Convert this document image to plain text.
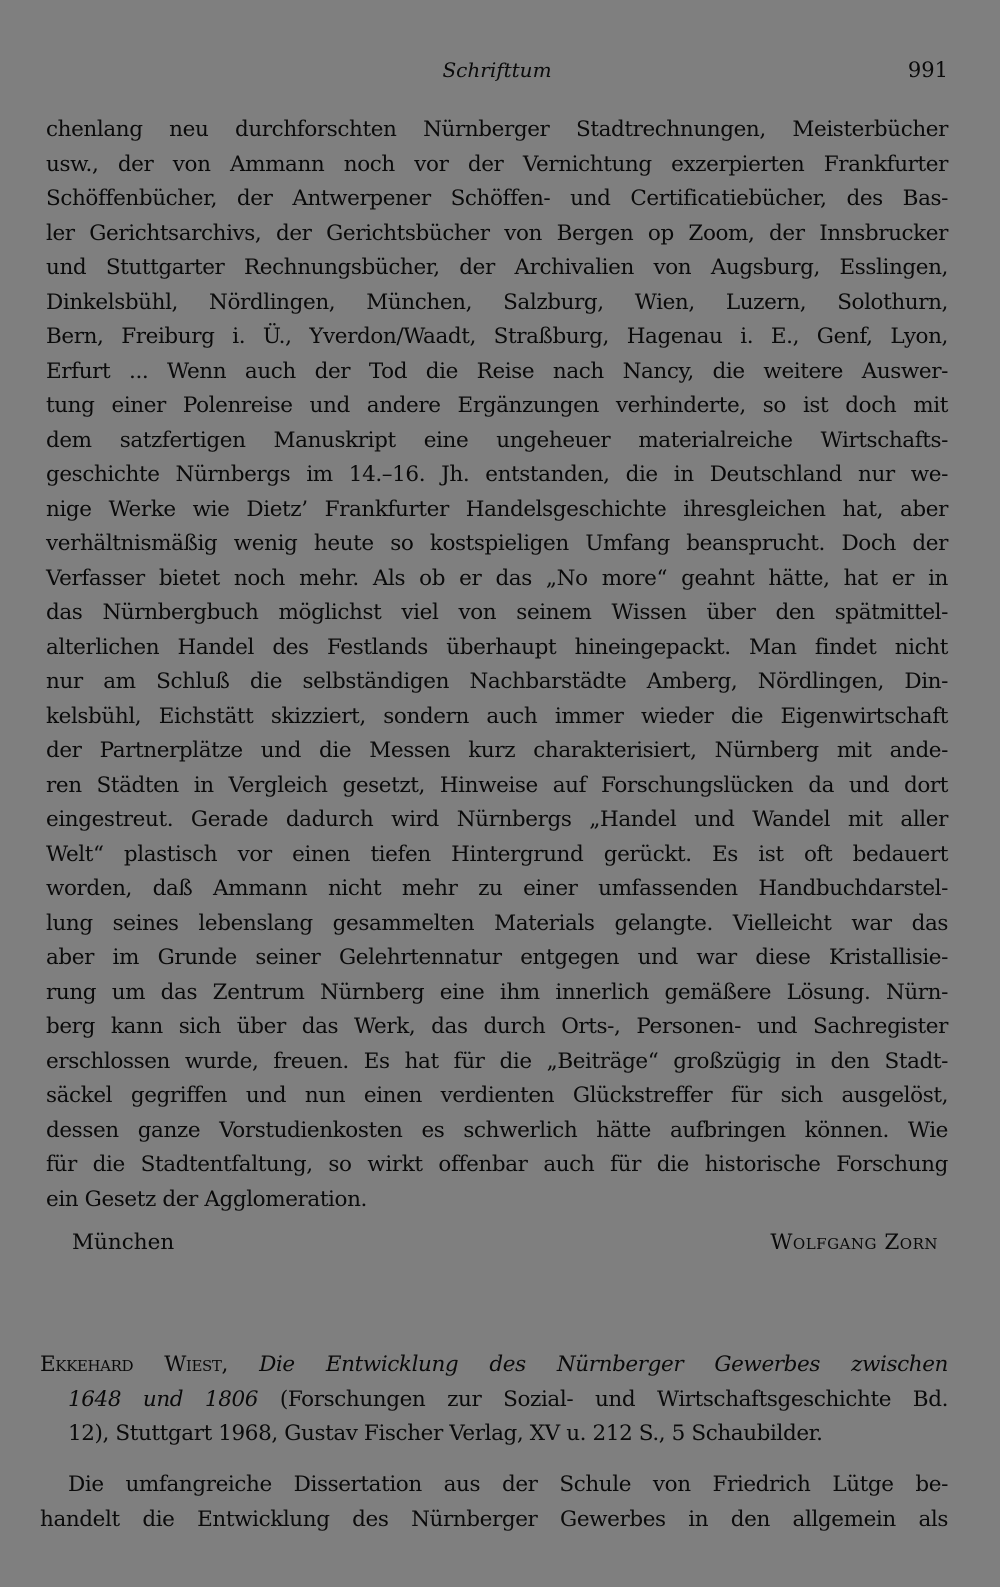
Schrifttum	991
chenlang neu durchforschten Nürnberger Stadtrechnungen, Meisterbücher
usw., der von Ammann noch vor der Vernichtung exzerpierten Frankfurter
Schöffenbücher, der Antwerpener Schöffen- und Certificatiebücher, des Bas-
ler Gerichtsarchivs, der Gerichtsbücher von Bergen op Zoom, der Innsbrucker
und Stuttgarter Rechnungsbücher, der Archivalien von Augsburg, Esslingen,
Dinkelsbühl, Nördlingen, München, Salzburg, Wien, Luzern, Solothurn,
Bern, Freiburg i. Ü., Yverdon/Waadt, Straßburg, Hagenau i. E., Genf, Lyon,
Erfurt ... Wenn auch der Tod die Reise nach Nancy, die weitere Auswer-
tung einer Polenreise und andere Ergänzungen verhinderte, so ist doch mit
dem satzfertigen Manuskript eine ungeheuer materialreiche Wirtschafts-
geschichte Nürnbergs im 14.–16. Jh. entstanden, die in Deutschland nur we-
nige Werke wie Dietz’ Frankfurter Handelsgeschichte ihresgleichen hat, aber
verhältnismäßig wenig heute so kostspieligen Umfang beansprucht. Doch der
Verfasser bietet noch mehr. Als ob er das „No more“ geahnt hätte, hat er in
das Nürnbergbuch möglichst viel von seinem Wissen über den spätmittel-
alterlichen Handel des Festlands überhaupt hineingepackt. Man findet nicht
nur am Schluß die selbständigen Nachbarstädte Amberg, Nördlingen, Din-
kelsbühl, Eichstätt skizziert, sondern auch immer wieder die Eigenwirtschaft
der Partnerplätze und die Messen kurz charakterisiert, Nürnberg mit ande-
ren Städten in Vergleich gesetzt, Hinweise auf Forschungslücken da und dort
eingestreut. Gerade dadurch wird Nürnbergs „Handel und Wandel mit aller
Welt“ plastisch vor einen tiefen Hintergrund gerückt. Es ist oft bedauert
worden, daß Ammann nicht mehr zu einer umfassenden Handbuchdarstel-
lung seines lebenslang gesammelten Materials gelangte. Vielleicht war das
aber im Grunde seiner Gelehrtennatur entgegen und war diese Kristallisie-
rung um das Zentrum Nürnberg eine ihm innerlich gemäßere Lösung. Nürn-
berg kann sich über das Werk, das durch Orts-, Personen- und Sachregister
erschlossen wurde, freuen. Es hat für die „Beiträge“ großzügig in den Stadt-
säckel gegriffen und nun einen verdienten Glückstreffer für sich ausgelöst,
dessen ganze Vorstudienkosten es schwerlich hätte aufbringen können. Wie
für die Stadtentfaltung, so wirkt offenbar auch für die historische Forschung
ein Gesetz der Agglomeration.
München	Wolfgang Zorn
Ekkehard Wiest, Die Entwicklung des Nürnberger Gewerbes zwischen
1648 und 1806 (Forschungen zur Sozial- und Wirtschaftsgeschichte Bd.
12), Stuttgart 1968, Gustav Fischer Verlag, XV u. 212 S., 5 Schaubilder.
Die umfangreiche Dissertation aus der Schule von Friedrich Lütge be-
handelt die Entwicklung des Nürnberger Gewerbes in den allgemein als
